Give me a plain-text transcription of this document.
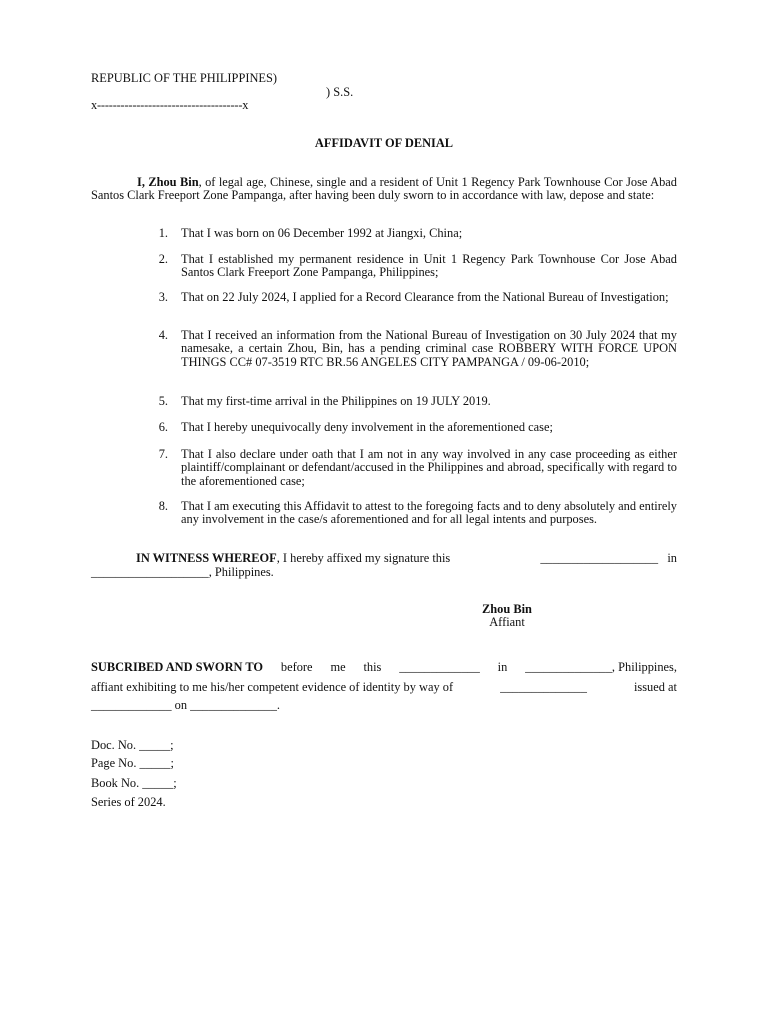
REPUBLIC OF THE PHILIPPINES)
) S.S.
x-------------------------------------x
AFFIDAVIT OF DENIAL
I, Zhou Bin, of legal age, Chinese, single and a resident of Unit 1 Regency Park Townhouse Cor Jose Abad Santos Clark Freeport Zone Pampanga, after having been duly sworn to in accordance with law, depose and state:
1. That I was born on 06 December 1992 at Jiangxi, China;
2. That I established my permanent residence in Unit 1 Regency Park Townhouse Cor Jose Abad Santos Clark Freeport Zone Pampanga, Philippines;
3. That on 22 July 2024, I applied for a Record Clearance from the National Bureau of Investigation;
4. That I received an information from the National Bureau of Investigation on 30 July 2024 that my namesake, a certain Zhou, Bin, has a pending criminal case ROBBERY WITH FORCE UPON THINGS CC# 07-3519 RTC BR.56 ANGELES CITY PAMPANGA / 09-06-2010;
5. That my first-time arrival in the Philippines on 19 JULY 2019.
6. That I hereby unequivocally deny involvement in the aforementioned case;
7. That I also declare under oath that I am not in any way involved in any case proceeding as either plaintiff/complainant or defendant/accused in the Philippines and abroad, specifically with regard to the aforementioned case;
8. That I am executing this Affidavit to attest to the foregoing facts and to deny absolutely and entirely any involvement in the case/s aforementioned and for all legal intents and purposes.
IN WITNESS WHEREOF, I hereby affixed my signature this	___________________ in
___________________, Philippines.
Zhou Bin
Affiant
SUBCRIBED AND SWORN TO before me this _____________ in ______________, Philippines,
affiant exhibiting to me his/her competent evidence of identity by way of	______________	issued at
_____________ on ______________.
Doc. No. _____;
Page No. _____;
Book No. _____;
Series of 2024.
